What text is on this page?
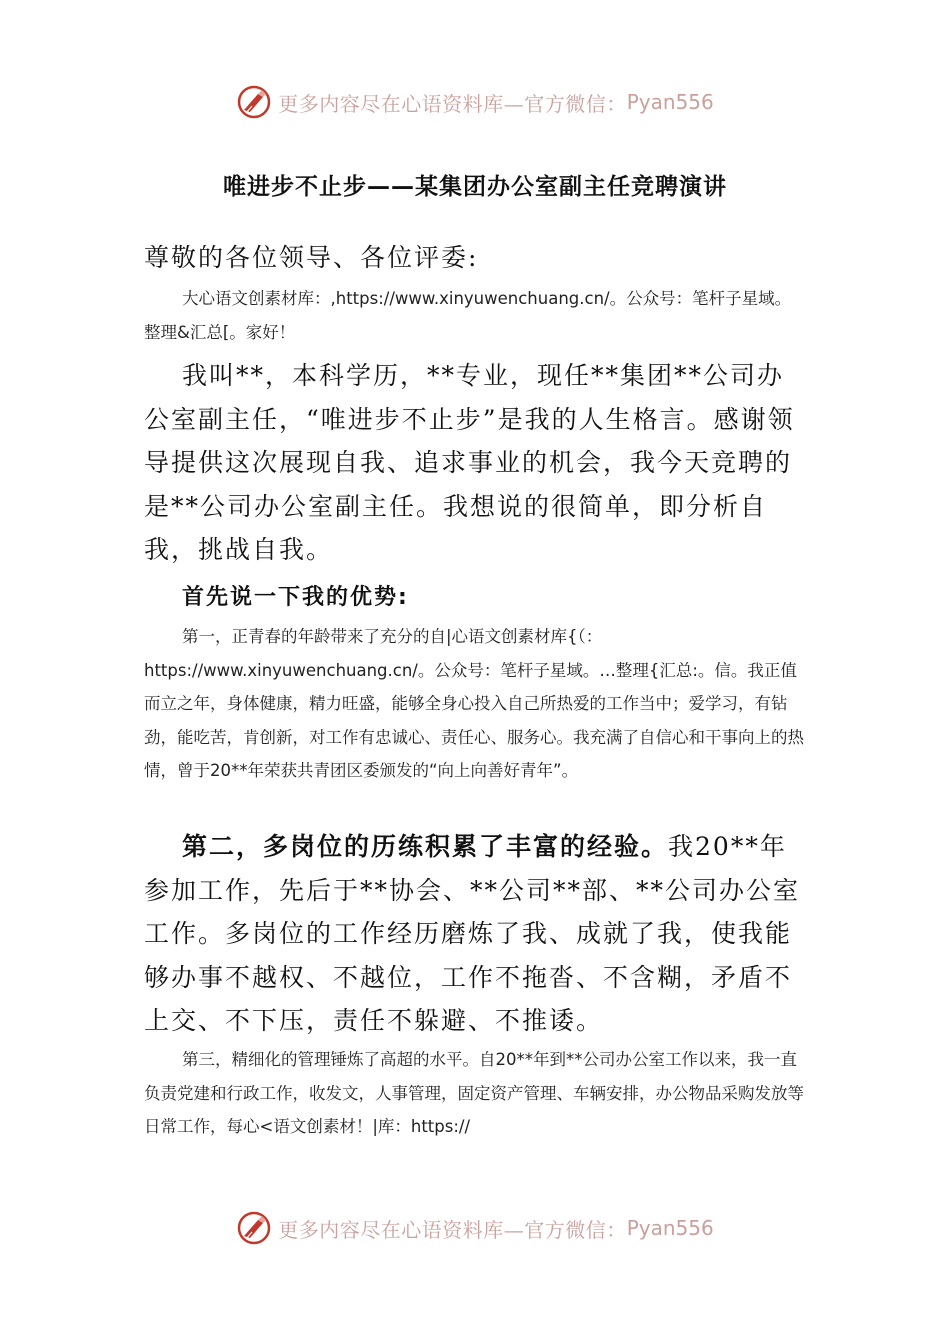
更多内容尽在心语资料库—官方微信： Pyan556
唯进步不止步——某集团办公室副主任竞聘演讲

尊敬的各位领导、各位评委:

大心语文创素材库：,https://www.xinyuwenchuang.cn/。公众号：笔杆子星域。整理&汇总[。家好！

我叫**，本科学历，**专业，现任**集团**公司办公室副主任，“唯进步不止步”是我的人生格言。感谢领导提供这次展现自我、追求事业的机会，我今天竞聘的是**公司办公室副主任。我想说的很简单，即分析自我，挑战自我。

首先说一下我的优势:

第一，正青春的年龄带来了充分的自|心语文创素材库{（：https://www.xinyuwenchuang.cn/。公众号：笔杆子星域。…整理{汇总:。信。我正值而立之年，身体健康，精力旺盛，能够全身心投入自己所热爱的工作当中；爱学习，有钻劲，能吃苦，肯创新，对工作有忠诚心、责任心、服务心。我充满了自信心和干事向上的热情，曾于20**年荣获共青团区委颁发的“向上向善好青年”。

第二，多岗位的历练积累了丰富的经验。我20**年参加工作，先后于**协会、**公司**部、**公司办公室工作。多岗位的工作经历磨炼了我、成就了我，使我能够办事不越权、不越位，工作不拖沓、不含糊，矛盾不上交、不下压，责任不躲避、不推诿。

第三，精细化的管理锤炼了高超的水平。自20**年到**公司办公室工作以来，我一直负责党建和行政工作，收发文，人事管理，固定资产管理、车辆安排，办公物品采购发放等日常工作，每心<语文创素材！|库：https://

更多内容尽在心语资料库—官方微信： Pyan556
